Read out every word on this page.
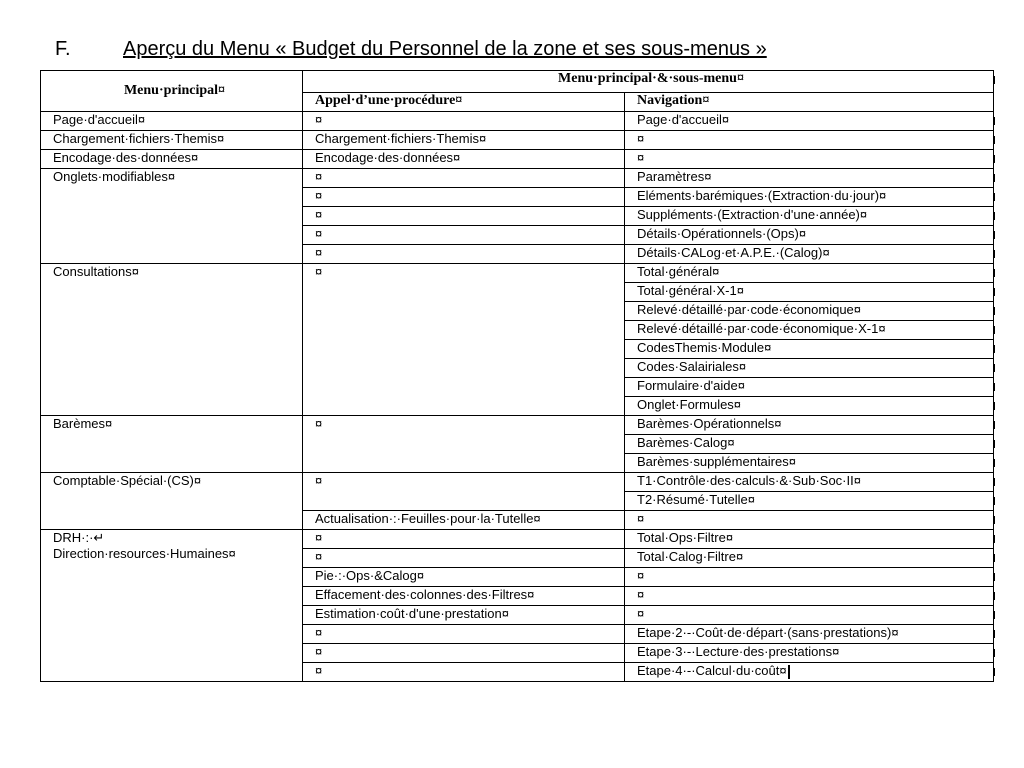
F.	Aperçu du Menu « Budget du Personnel de la zone et ses sous-menus »
Menu·principal¤	Menu·principal·&·sous-menu¤	
	Appel·d’une·procédure¤	Navigation¤
Page·d'accueil¤	¤	Page·d'accueil¤
Chargement·fichiers·Themis¤	Chargement·fichiers·Themis¤	¤
Encodage·des·données¤	Encodage·des·données¤	¤
Onglets·modifiables¤	¤	Paramètres¤
	¤	Eléments·barémiques·(Extraction·du·jour)¤
	¤	Suppléments·(Extraction·d'une·année)¤
	¤	Détails·Opérationnels·(Ops)¤
	¤	Détails·CALog·et·A.P.E.·(Calog)¤
Consultations¤	¤	Total·général¤
		Total·général·X-1¤
		Relevé·détaillé·par·code·économique¤
		Relevé·détaillé·par·code·économique·X-1¤
		CodesThemis·Module¤
		Codes·Salairiales¤
		Formulaire·d'aide¤
		Onglet·Formules¤
Barèmes¤	¤	Barèmes·Opérationnels¤
		Barèmes·Calog¤
		Barèmes·supplémentaires¤
Comptable·Spécial·(CS)¤	¤	T1·Contrôle·des·calculs·&·Sub·Soc·II¤
		T2·Résumé·Tutelle¤
	Actualisation·:·Feuilles·pour·la·Tutelle¤	¤

DRH·:·↵
Direction·resources·Humaines¤	¤	Total·Ops·Filtre¤
	¤	Total·Calog·Filtre¤
	Pie·:·Ops·&Calog¤	¤
	Effacement·des·colonnes·des·Filtres¤	¤
	Estimation·coût·d'une·prestation¤	¤
	¤	Etape·2·-·Coût·de·départ·(sans·prestations)¤
	¤	Etape·3·-·Lecture·des·prestations¤
	¤	Etape·4·-·Calcul·du·coût¤
